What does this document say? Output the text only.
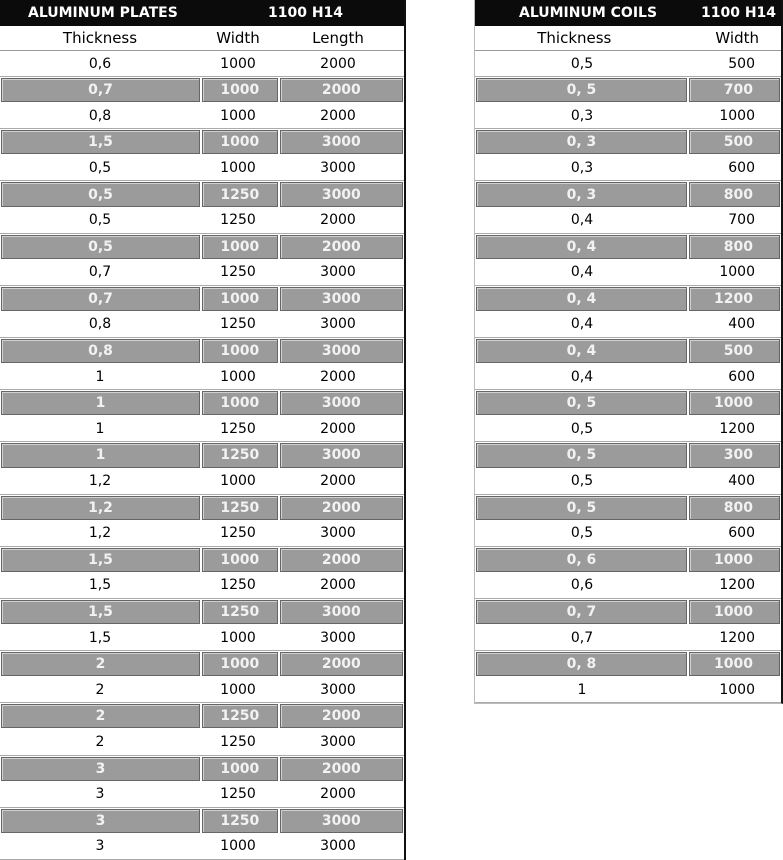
ALUMINUM PLATES	1100 H14
Thickness	Width	Length
0,6	1000	2000
0,7	1000	2000
0,8	1000	2000
1,5	1000	3000
0,5	1000	3000
0,5	1250	3000
0,5	1250	2000
0,5	1000	2000
0,7	1250	3000
0,7	1000	3000
0,8	1250	3000
0,8	1000	3000
1	1000	2000
1	1000	3000
1	1250	2000
1	1250	3000
1,2	1000	2000
1,2	1250	2000
1,2	1250	3000
1,5	1000	2000
1,5	1250	2000
1,5	1250	3000
1,5	1000	3000
2	1000	2000
2	1000	3000
2	1250	2000
2	1250	3000
3	1000	2000
3	1250	2000
3	1250	3000
3	1000	3000
ALUMINUM COILS	1100 H14
Thickness	Width
0,5	500
0, 5	700
0,3	1000
0, 3	500
0,3	600
0, 3	800
0,4	700
0, 4	800
0,4	1000
0, 4	1200
0,4	400
0, 4	500
0,4	600
0, 5	1000
0,5	1200
0, 5	300
0,5	400
0, 5	800
0,5	600
0, 6	1000
0,6	1200
0, 7	1000
0,7	1200
0, 8	1000
1	1000
